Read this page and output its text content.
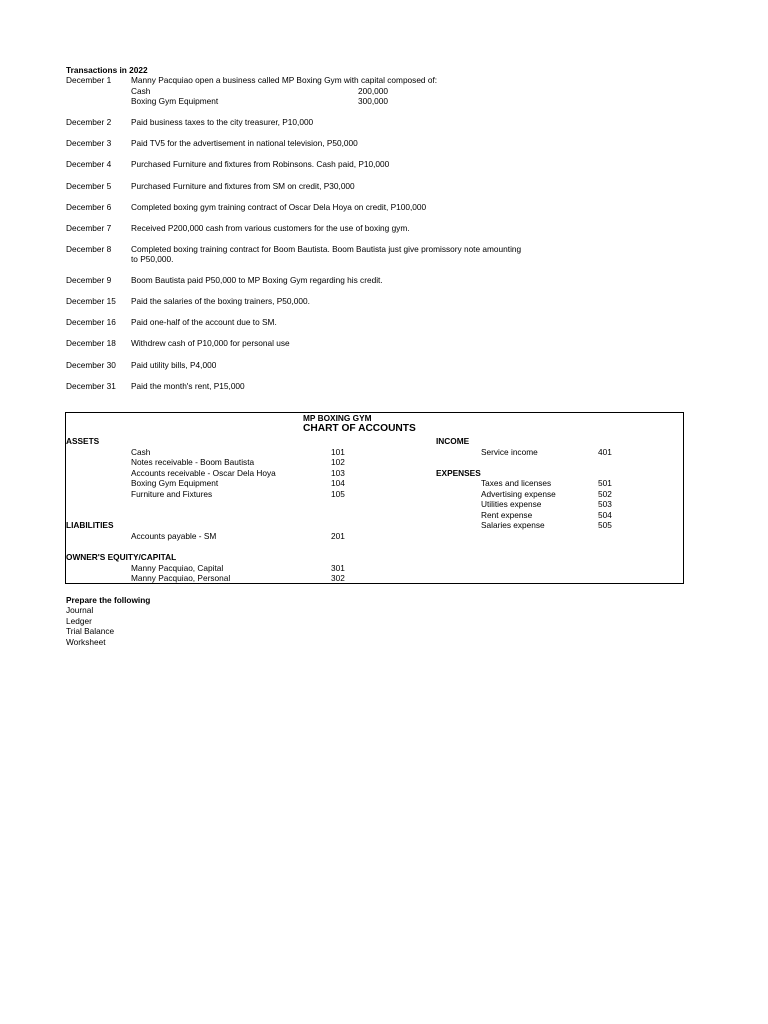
Transactions in 2022
December 1 Manny Pacquiao open a business called MP Boxing Gym with capital composed of:
Cash	200,000
Boxing Gym Equipment	300,000
December 2 Paid business taxes to the city treasurer, P10,000
December 3 Paid TV5 for the advertisement in national television, P50,000
December 4 Purchased Furniture and fixtures from Robinsons. Cash paid, P10,000
December 5 Purchased Furniture and fixtures from SM on credit, P30,000
December 6 Completed boxing gym training contract of Oscar Dela Hoya on credit, P100,000
December 7 Received P200,000 cash from various customers for the use of boxing gym.
December 8 Completed boxing training contract for Boom Bautista. Boom Bautista just give promissory note amounting
to P50,000.
December 9 Boom Bautista paid P50,000 to MP Boxing Gym regarding his credit.
December 15 Paid the salaries of the boxing trainers, P50,000.
December 16 Paid one-half of the account due to SM.
December 18 Withdrew cash of P10,000 for personal use
December 30 Paid utility bills, P4,000
December 31 Paid the month's rent, P15,000
MP BOXING GYM
CHART OF ACCOUNTS
ASSETS
Cash	101
Notes receivable - Boom Bautista	102
Accounts receivable - Oscar Dela Hoya	103
Boxing Gym Equipment	104
Furniture and Fixtures	105
LIABILITIES
Accounts payable - SM	201
OWNER'S EQUITY/CAPITAL
Manny Pacquiao, Capital	301
Manny Pacquiao, Personal	302
INCOME
Service income	401
EXPENSES
Taxes and licenses	501
Advertising expense	502
Utilities expense	503
Rent expense	504
Salaries expense	505
Prepare the following
Journal
Ledger
Trial Balance
Worksheet
